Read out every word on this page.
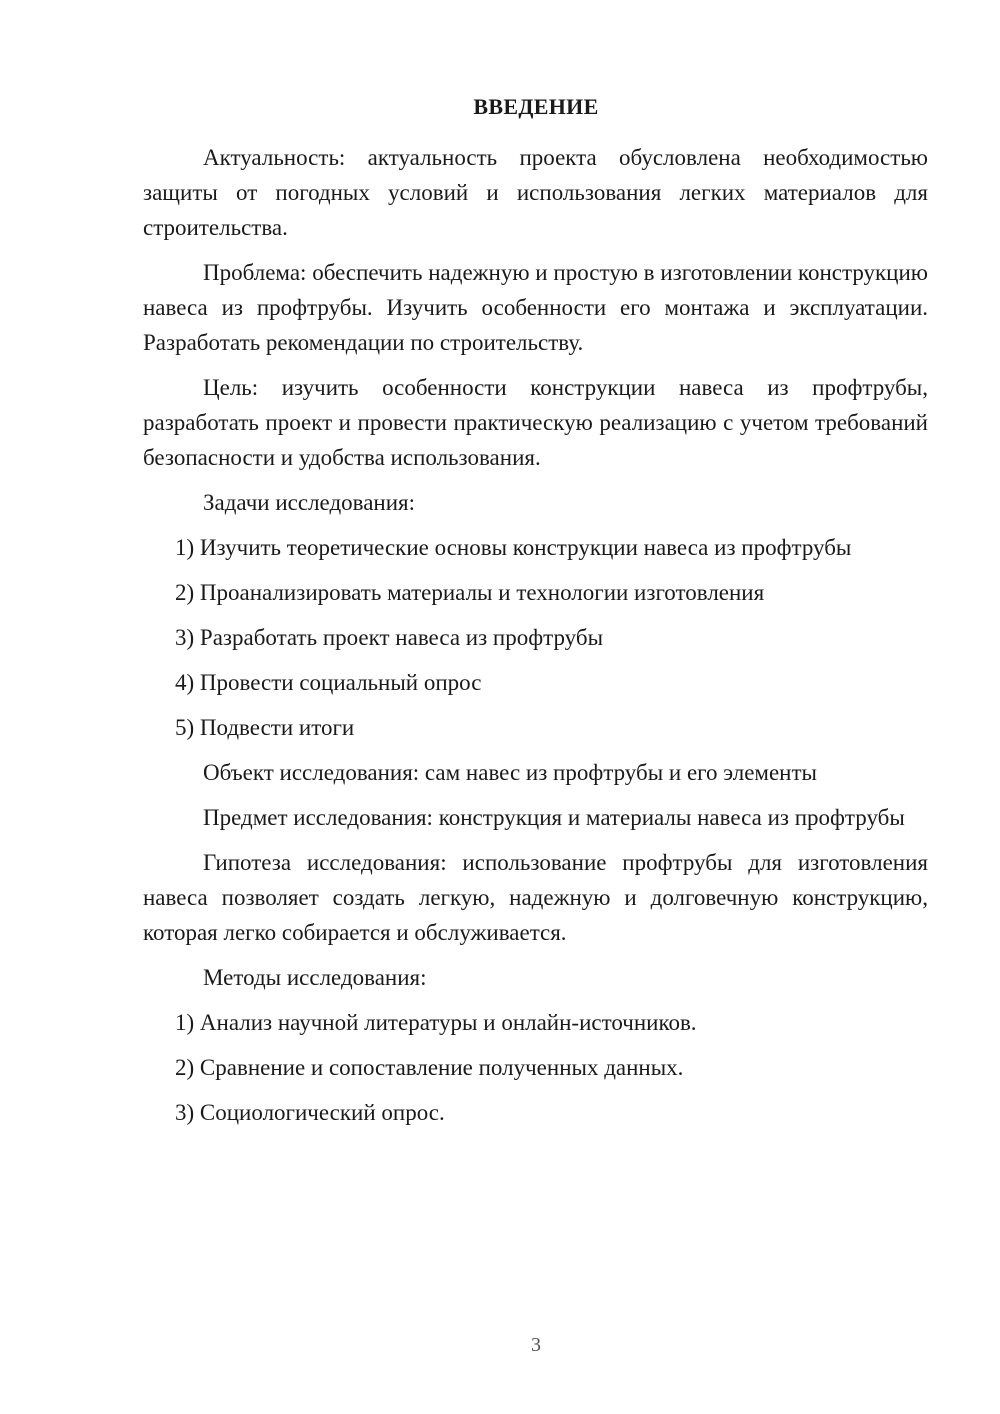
ВВЕДЕНИЕ

Актуальность: актуальность проекта обусловлена необходимостью защиты от погодных условий и использования легких материалов для строительства.

Проблема: обеспечить надежную и простую в изготовлении конструкцию навеса из профтрубы. Изучить особенности его монтажа и эксплуатации. Разработать рекомендации по строительству.

Цель: изучить особенности конструкции навеса из профтрубы, разработать проект и провести практическую реализацию с учетом требований безопасности и удобства использования.

Задачи исследования:

1) Изучить теоретические основы конструкции навеса из профтрубы

2) Проанализировать материалы и технологии изготовления

3) Разработать проект навеса из профтрубы

4) Провести социальный опрос

5) Подвести итоги

Объект исследования: сам навес из профтрубы и его элементы

Предмет исследования: конструкция и материалы навеса из профтрубы

Гипотеза исследования: использование профтрубы для изготовления навеса позволяет создать легкую, надежную и долговечную конструкцию, которая легко собирается и обслуживается.

Методы исследования:

1) Анализ научной литературы и онлайн-источников.

2) Сравнение и сопоставление полученных данных.

3) Социологический опрос.

3
